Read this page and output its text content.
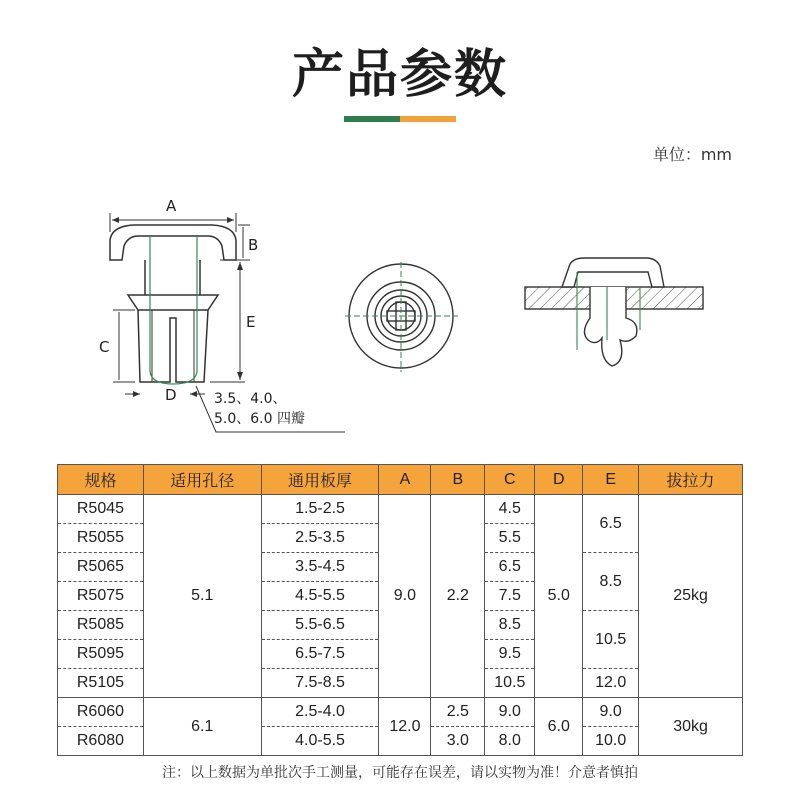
产品参数
单位：mm
A
B
E
C
D	3.5、4.0、
5.0、6.0 四瓣
规格	适用孔径	通用板厚	A	B	C	D	E	拔拉力
R5045	5.1	1.5-2.5	9.0	2.2	4.5	5.0	6.5	25kg
R5055		2.5-3.5			5.5			
R5065		3.5-4.5			6.5		8.5	
R5075		4.5-5.5			7.5			
R5085		5.5-6.5			8.5		10.5	
R5095		6.5-7.5			9.5			
R5105		7.5-8.5			10.5		12.0	
R6060	6.1	2.5-4.0	12.0	2.5	9.0	6.0	9.0	30kg
R6080		4.0-5.5		3.0	8.0		10.0	
注：以上数据为单批次手工测量，可能存在误差，请以实物为准！介意者慎拍
